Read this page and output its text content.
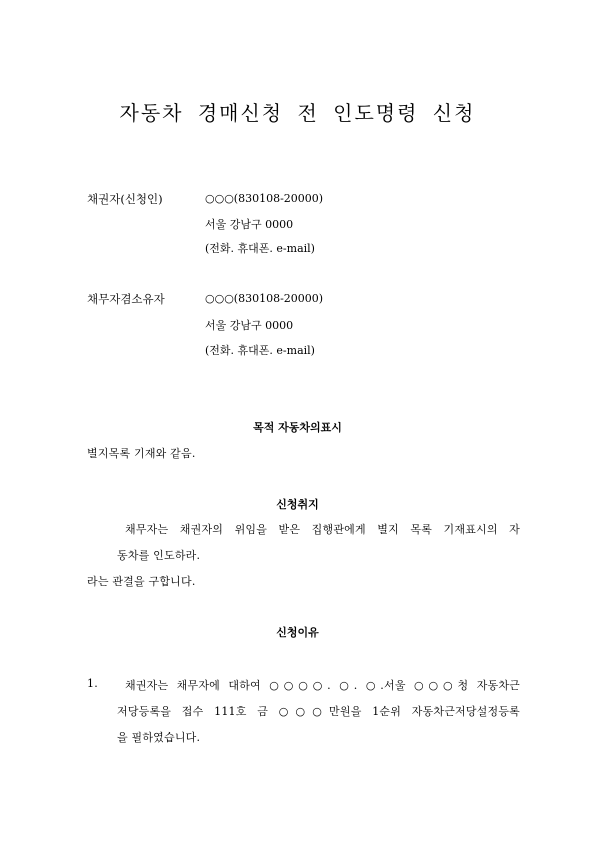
자동차 경매신청 전 인도명령 신청
채권자(신청인)	○○○(830108-20000)
서울 강남구 0000
(전화. 휴대폰. e-mail)
채무자겸소유자	○○○(830108-20000)
서울 강남구 0000
(전화. 휴대폰. e-mail)
목적 자동차의표시
별지목록 기재와 같음.
신청취지
채무자는 채권자의 위임을 받은 집행관에게 별지 목록 기재표시의 자
동차를 인도하라.
라는 관결을 구합니다.
신청이유
1. 채권자는 채무자에 대하여 ○○○○. ○. ○.서울 ○○○청 자동차근
저당등록을 접수 111호 금 ○○○만원을 1순위 자동차근저당설정등록
을 필하였습니다.
